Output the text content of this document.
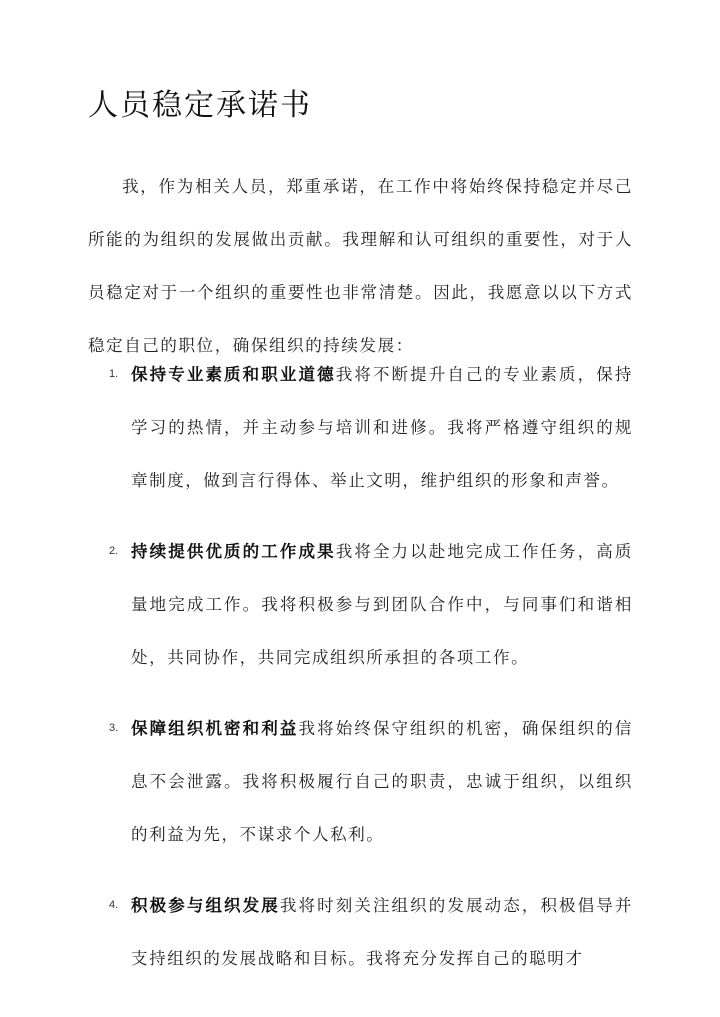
人员稳定承诺书

我，作为相关人员，郑重承诺，在工作中将始终保持稳定并尽己所能的为组织的发展做出贡献。我理解和认可组织的重要性，对于人员稳定对于一个组织的重要性也非常清楚。因此，我愿意以以下方式稳定自己的职位，确保组织的持续发展：

1. 保持专业素质和职业道德我将不断提升自己的专业素质，保持学习的热情，并主动参与培训和进修。我将严格遵守组织的规章制度，做到言行得体、举止文明，维护组织的形象和声誉。
2. 持续提供优质的工作成果我将全力以赴地完成工作任务，高质量地完成工作。我将积极参与到团队合作中，与同事们和谐相处，共同协作，共同完成组织所承担的各项工作。
3. 保障组织机密和利益我将始终保守组织的机密，确保组织的信息不会泄露。我将积极履行自己的职责，忠诚于组织，以组织的利益为先，不谋求个人私利。
4. 积极参与组织发展我将时刻关注组织的发展动态，积极倡导并支持组织的发展战略和目标。我将充分发挥自己的聪明才
